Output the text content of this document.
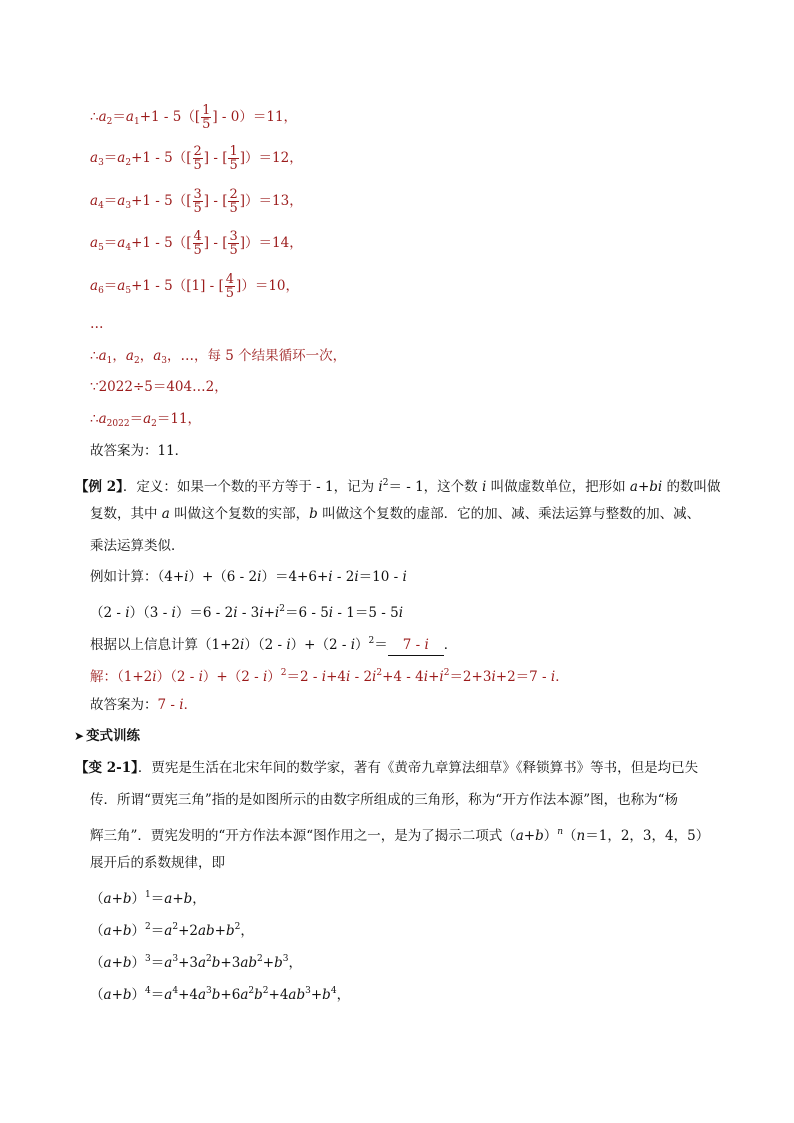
$\therefore a_2=a_1+1 - 5([ \frac{1}{5}$ ] - 0）＝11，
$a_3=a_2+1 - 5([ \frac{2}{5}$ ] - [ $\frac{1}{5} ])=12$，
$a_4=a_3+1 - 5([ \frac{3}{5}$ ] - [ $\frac{2}{5} ])=13$，
$a_5=a_4+1 - 5([ \frac{4}{5}$ ] - [ $\frac{3}{5} ])=14$，
$a_6=a_5+1 - 5([1]$ - [ $\frac{4}{5} ])=10$，
…
$\therefore a_1$，$a_2$，$a_3$，…，每 5 个结果循环一次，
∵2022÷5＝404…2，
$\therefore a_{2022}=a_2=11$，
故答案为：11．
【例 2】．定义：如果一个数的平方等于 - 1，记为 $i^2= - 1$，这个数 i 叫做虚数单位，把形如 a+bi 的数叫做
复数，其中 a 叫做这个复数的实部，b 叫做这个复数的虚部．它的加、减、乘法运算与整数的加、减、
乘法运算类似．
例如计算：（4+i）+（6 - 2i）＝4+6+i - 2i＝10 - i
$(2 - i)(3 - i)=6 - 2i - 3i+i^2=6 - 5i - 1=5 - 5i$
根据以上信息计算（1+2i）（2 - i）+（2 - i）$^2$＝ 7 - i ．
解：$(1+2i)(2 - i)+(2 - i)^2=2 - i+4i - 2i^2+4 - 4i+i^2=2+3i+2=7 - i$．
故答案为：7 - i．
➤ 变式训练
【变 2-1】．贾宪是生活在北宋年间的数学家，著有《黄帝九章算法细草》《释锁算书》等书，但是均已失
传．所谓“贾宪三角”指的是如图所示的由数字所组成的三角形，称为“开方作法本源”图，也称为“杨
辉三角”．贾宪发明的“开方作法本源“图作用之一，是为了揭示二项式$(a+b)^n(n=1$，2，3，4，5）
展开后的系数规律，即
$(a+b)^1=a+b$，
$(a+b)^2=a^2+2ab+b^2$，
$(a+b)^3=a^3+3a^2b+3ab^2+b^3$，
$(a+b)^4=a^4+4a^3b+6a^2b^2+4ab^3+b^4$，
